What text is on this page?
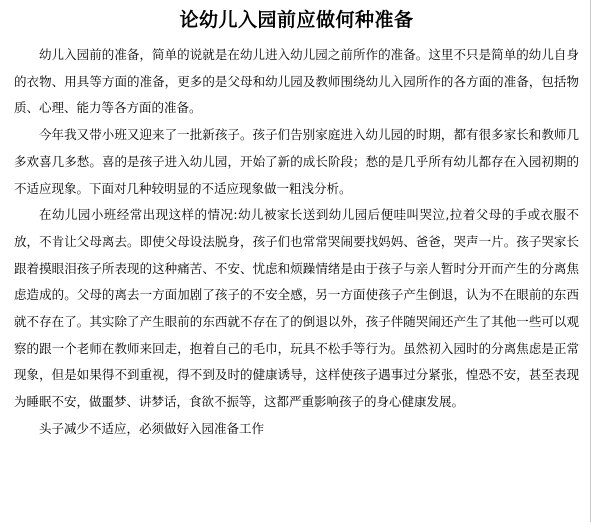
论幼儿入园前应做何种准备

幼儿入园前的准备，简单的说就是在幼儿进入幼儿园之前所作的准备。这里不只是简单的幼儿自身的衣物、用具等方面的准备，更多的是父母和幼儿园及教师围绕幼儿入园所作的各方面的准备，包括物质、心理、能力等各方面的准备。

今年我又带小班又迎来了一批新孩子。孩子们告别家庭进入幼儿园的时期，都有很多家长和教师几多欢喜几多愁。喜的是孩子进入幼儿园，开始了新的成长阶段；愁的是几乎所有幼儿都存在入园初期的不适应现象。下面对几种较明显的不适应现象做一粗浅分析。

在幼儿园小班经常出现这样的情况:幼儿被家长送到幼儿园后便哇叫哭泣,拉着父母的手或衣服不放，不肯让父母离去。即使父母设法脱身，孩子们也常常哭闹要找妈妈、爸爸，哭声一片。孩子哭家长跟着摸眼泪孩子所表现的这种痛苦、不安、忧虑和烦躁情绪是由于孩子与亲人暂时分开而产生的分离焦虑造成的。父母的离去一方面加剧了孩子的不安全感，另一方面使孩子产生倒退，认为不在眼前的东西就不存在了。其实除了产生眼前的东西就不存在了的倒退以外，孩子伴随哭闹还产生了其他一些可以观察的跟一个老师在教师来回走，抱着自己的毛巾，玩具不松手等行为。虽然初入园时的分离焦虑是正常现象，但是如果得不到重视，得不到及时的健康诱导，这样使孩子遇事过分紧张，惶恐不安，甚至表现为睡眠不安，做噩梦、讲梦话，食欲不振等，这都严重影响孩子的身心健康发展。

头子减少不适应，必须做好入园准备工作
